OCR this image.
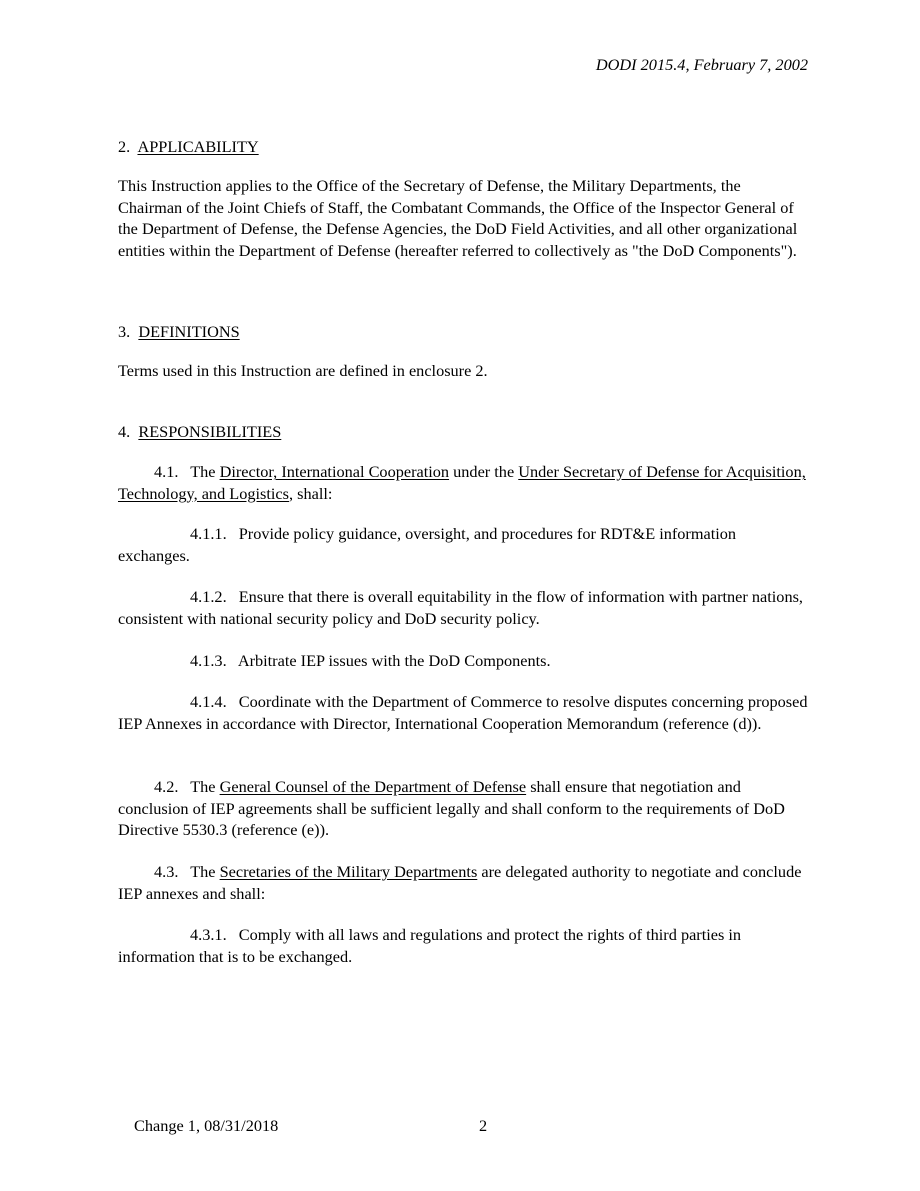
DODI 2015.4, February 7, 2002
2. APPLICABILITY

This Instruction applies to the Office of the Secretary of Defense, the Military Departments, the Chairman of the Joint Chiefs of Staff, the Combatant Commands, the Office of the Inspector General of the Department of Defense, the Defense Agencies, the DoD Field Activities, and all other organizational entities within the Department of Defense (hereafter referred to collectively as "the DoD Components").

3. DEFINITIONS

Terms used in this Instruction are defined in enclosure 2.

4. RESPONSIBILITIES

4.1. The Director, International Cooperation under the Under Secretary of Defense for Acquisition, Technology, and Logistics, shall:

4.1.1. Provide policy guidance, oversight, and procedures for RDT&E information exchanges.

4.1.2. Ensure that there is overall equitability in the flow of information with partner nations, consistent with national security policy and DoD security policy.

4.1.3. Arbitrate IEP issues with the DoD Components.

4.1.4. Coordinate with the Department of Commerce to resolve disputes concerning proposed IEP Annexes in accordance with Director, International Cooperation Memorandum (reference (d)).

4.2. The General Counsel of the Department of Defense shall ensure that negotiation and conclusion of IEP agreements shall be sufficient legally and shall conform to the requirements of DoD Directive 5530.3 (reference (e)).

4.3. The Secretaries of the Military Departments are delegated authority to negotiate and conclude IEP annexes and shall:

4.3.1. Comply with all laws and regulations and protect the rights of third parties in information that is to be exchanged.

Change 1, 08/31/2018	2
